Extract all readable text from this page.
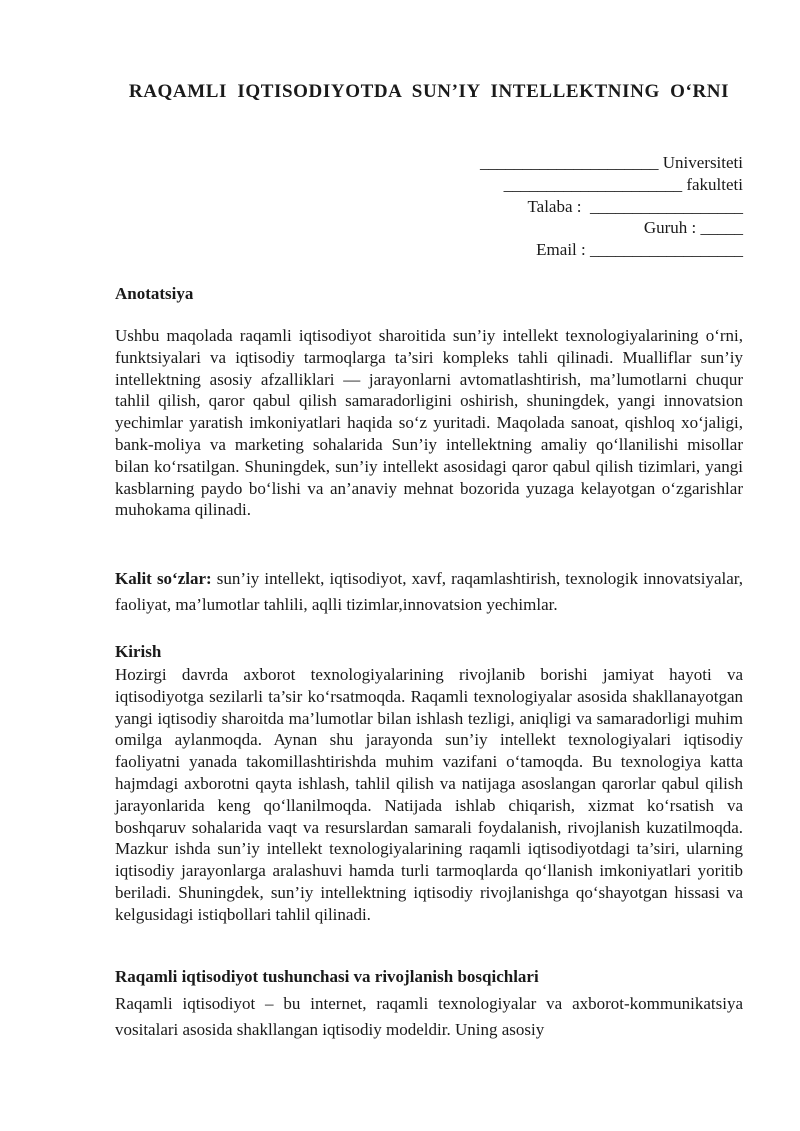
RAQAMLI IQTISODIYOTDA SUN’IY INTELLEKTNING O‘RNI
_____________________ Universiteti
_____________________ fakulteti
Talaba :  __________________
Guruh : _____
Email : __________________
Anotatsiya

Ushbu maqolada raqamli iqtisodiyot sharoitida sun’iy intellekt texnologiyalarining o‘rni, funktsiyalari va iqtisodiy tarmoqlarga ta’siri kompleks tahli qilinadi. Mualliflar sun’iy intellektning asosiy afzalliklari — jarayonlarni avtomatlashtirish, ma’lumotlarni chuqur tahlil qilish, qaror qabul qilish samaradorligini oshirish, shuningdek, yangi innovatsion yechimlar yaratish imkoniyatlari haqida so‘z yuritadi. Maqolada sanoat, qishloq xo‘jaligi, bank-moliya va marketing sohalarida Sun’iy intellektning amaliy qo‘llanilishi misollar bilan ko‘rsatilgan. Shuningdek, sun’iy intellekt asosidagi qaror qabul qilish tizimlari, yangi kasblarning paydo bo‘lishi va an’anaviy mehnat bozorida yuzaga kelayotgan o‘zgarishlar muhokama qilinadi.

Kalit so‘zlar: sun’iy intellekt, iqtisodiyot, xavf, raqamlashtirish, texnologik innovatsiyalar, faoliyat, ma’lumotlar tahlili, aqlli tizimlar,innovatsion yechimlar.

Kirish

Hozirgi davrda axborot texnologiyalarining rivojlanib borishi jamiyat hayoti va iqtisodiyotga sezilarli ta’sir ko‘rsatmoqda. Raqamli texnologiyalar asosida shakllanayotgan yangi iqtisodiy sharoitda ma’lumotlar bilan ishlash tezligi, aniqligi va samaradorligi muhim omilga aylanmoqda. Aynan shu jarayonda sun’iy intellekt texnologiyalari iqtisodiy faoliyatni yanada takomillashtirishda muhim vazifani o‘tamoqda. Bu texnologiya katta hajmdagi axborotni qayta ishlash, tahlil qilish va natijaga asoslangan qarorlar qabul qilish jarayonlarida keng qo‘llanilmoqda. Natijada ishlab chiqarish, xizmat ko‘rsatish va boshqaruv sohalarida vaqt va resurslardan samarali foydalanish, rivojlanish kuzatilmoqda. Mazkur ishda sun’iy intellekt texnologiyalarining raqamli iqtisodiyotdagi ta’siri, ularning iqtisodiy jarayonlarga aralashuvi hamda turli tarmoqlarda qo‘llanish imkoniyatlari yoritib beriladi. Shuningdek, sun’iy intellektning iqtisodiy rivojlanishga qo‘shayotgan hissasi va kelgusidagi istiqbollari tahlil qilinadi.

Raqamli iqtisodiyot tushunchasi va rivojlanish bosqichlari

Raqamli iqtisodiyot – bu internet, raqamli texnologiyalar va axborot-kommunikatsiya vositalari asosida shakllangan iqtisodiy modeldir. Uning asosiy
